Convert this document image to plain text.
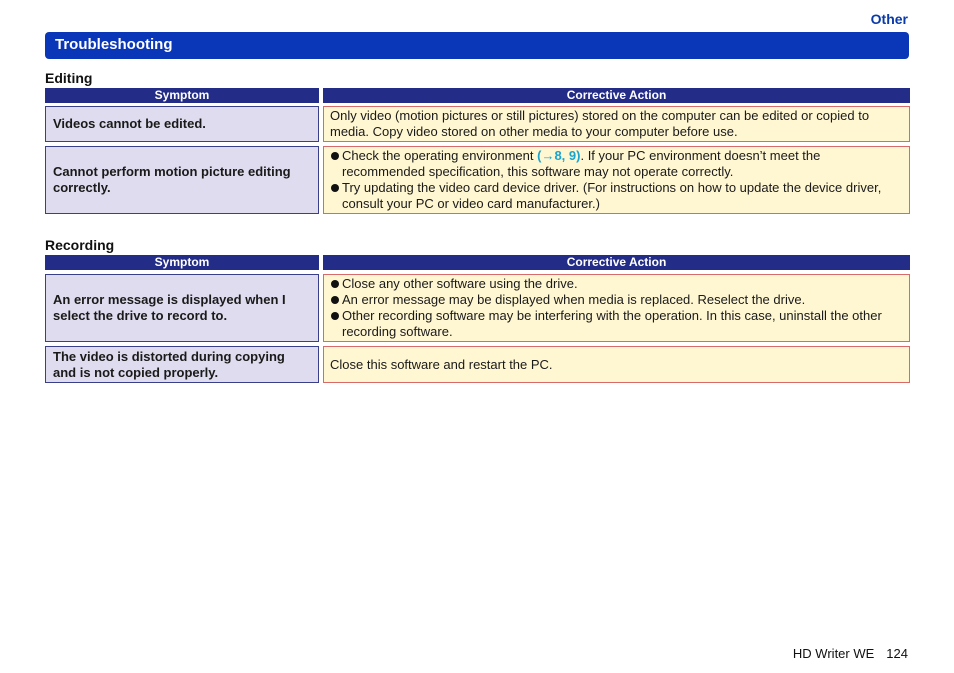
Other
Troubleshooting
Editing
Symptom	Corrective Action
Videos cannot be edited.
Only video (motion pictures or still pictures) stored on the computer can be edited or copied to media. Copy video stored on other media to your computer before use.
Cannot perform motion picture editing correctly.
Check the operating environment (→8, 9). If your PC environment doesn’t meet the recommended specification, this software may not operate correctly.
Try updating the video card device driver. (For instructions on how to update the device driver, consult your PC or video card manufacturer.)
Recording
Symptom	Corrective Action
An error message is displayed when I select the drive to record to.
Close any other software using the drive.
An error message may be displayed when media is replaced. Reselect the drive.
Other recording software may be interfering with the operation. In this case, uninstall the other recording software.
The video is distorted during copying and is not copied properly.
Close this software and restart the PC.
HD Writer WE 124
